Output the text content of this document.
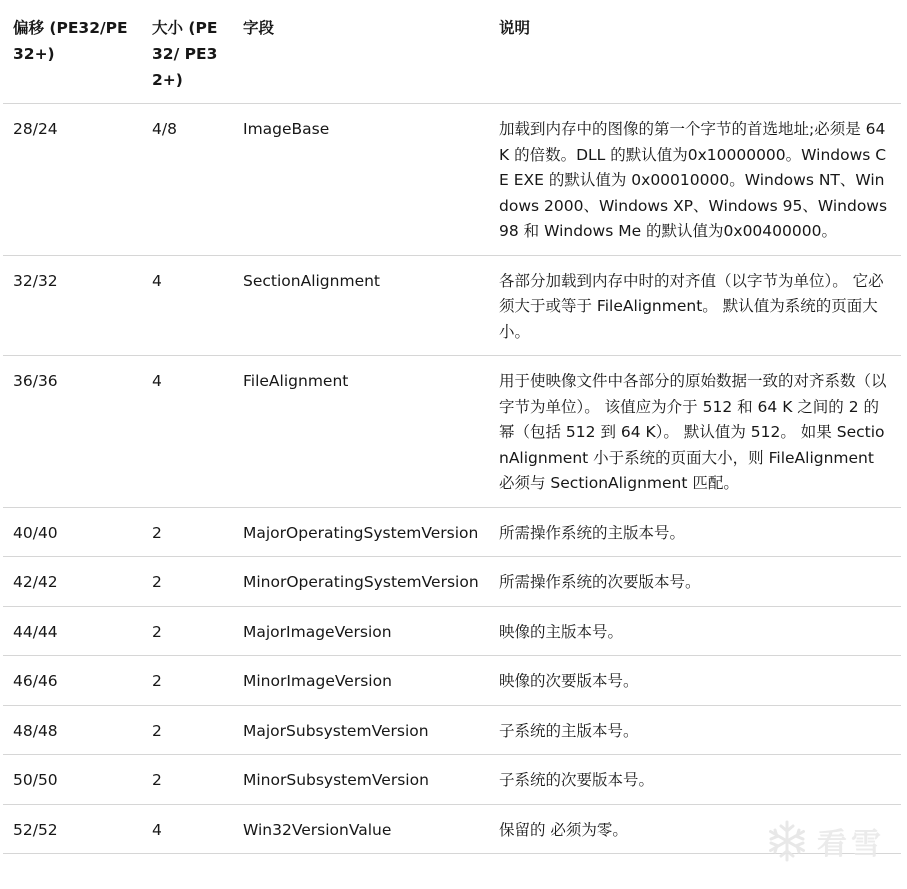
偏移 (PE32/PE32+)	大小 (PE32/ PE32+)	字段	说明
28/24	4/8	ImageBase	加载到内存中的图像的第一个字节的首选地址;必须是 64 K 的倍数。DLL 的默认值为0x10000000。Windows CE EXE 的默认值为 0x00010000。Windows NT、Windows 2000、Windows XP、Windows 95、Windows 98 和 Windows Me 的默认值为0x00400000。
32/32	4	SectionAlignment	各部分加载到内存中时的对齐值（以字节为单位）。 它必须大于或等于 FileAlignment。 默认值为系统的页面大小。
36/36	4	FileAlignment	用于使映像文件中各部分的原始数据一致的对齐系数（以字节为单位）。 该值应为介于 512 和 64 K 之间的 2 的幂（包括 512 到 64 K）。 默认值为 512。 如果 SectionAlignment 小于系统的页面大小，则 FileAlignment 必须与 SectionAlignment 匹配。
40/40	2	MajorOperatingSystemVersion	所需操作系统的主版本号。
42/42	2	MinorOperatingSystemVersion	所需操作系统的次要版本号。
44/44	2	MajorImageVersion	映像的主版本号。
46/46	2	MinorImageVersion	映像的次要版本号。
48/48	2	MajorSubsystemVersion	子系统的主版本号。
50/50	2	MinorSubsystemVersion	子系统的次要版本号。
52/52	4	Win32VersionValue	保留的 必须为零。	看雪
